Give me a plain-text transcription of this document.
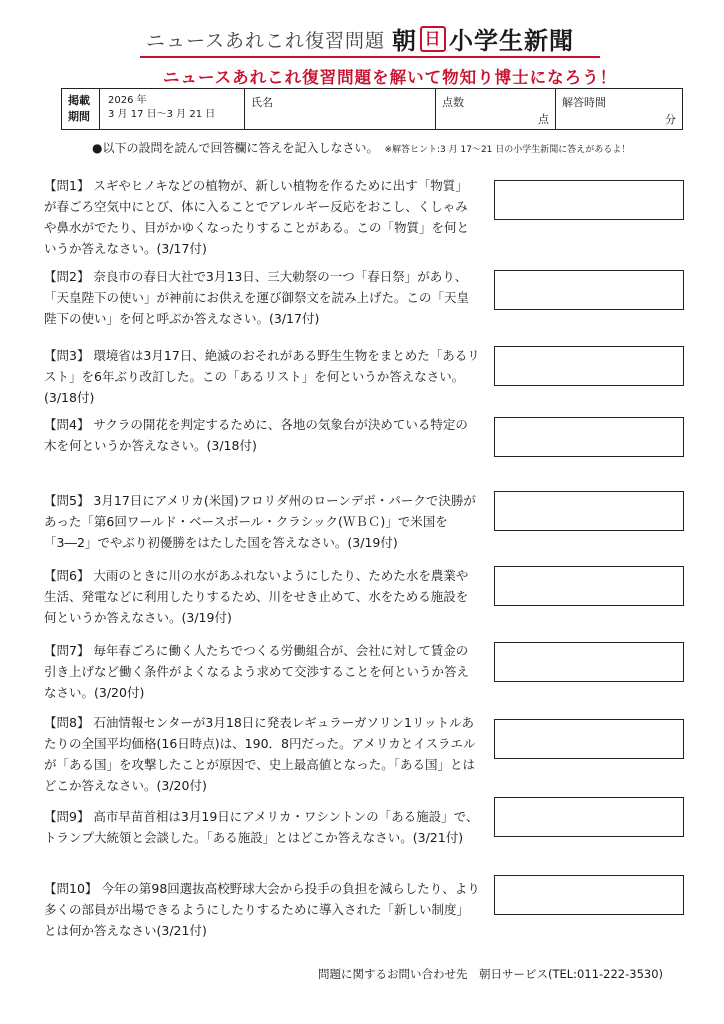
ニュースあれこれ復習問題 朝 日 小学生新聞
ニュースあれこれ復習問題を解いて物知り博士になろう！
掲載
期間
2026 年
3 月 17 日～3 月 21 日
氏名	点数
点
解答時間
分
●以下の設問を読んで回答欄に答えを記入しなさい。 ※解答ヒント:3 月 17～21 日の小学生新聞に答えがあるよ！
【問1】 スギやヒノキなどの植物が、新しい植物を作るために出す「物質」が春ごろ空気中にとび、体に入ることでアレルギー反応をおこし、くしゃみや鼻水がでたり、目がかゆくなったりすることがある。この「物質」を何というか答えなさい。(3/17付)
【問2】 奈良市の春日大社で3月13日、三大勅祭の一つ「春日祭」があり、「天皇陛下の使い」が神前にお供えを運び御祭文を読み上げた。この「天皇陛下の使い」を何と呼ぶか答えなさい。(3/17付)
【問3】 環境省は3月17日、絶滅のおそれがある野生生物をまとめた「あるリスト」を6年ぶり改訂した。この「あるリスト」を何というか答えなさい。(3/18付)
【問4】 サクラの開花を判定するために、各地の気象台が決めている特定の木を何というか答えなさい。(3/18付)
【問5】 3月17日にアメリカ(米国)フロリダ州のローンデポ・パークで決勝があった「第6回ワールド・ベースボール・クラシック(ＷＢＣ)」で米国を「3―2」でやぶり初優勝をはたした国を答えなさい。(3/19付)
【問6】 大雨のときに川の水があふれないようにしたり、ためた水を農業や生活、発電などに利用したりするため、川をせき止めて、水をためる施設を何というか答えなさい。(3/19付)
【問7】 毎年春ごろに働く人たちでつくる労働組合が、会社に対して賃金の引き上げなど働く条件がよくなるよう求めて交渉することを何というか答えなさい。(3/20付)
【問8】 石油情報センターが3月18日に発表レギュラーガソリン1リットルあたりの全国平均価格(16日時点)は、190．8円だった。アメリカとイスラエルが「ある国」を攻撃したことが原因で、史上最高値となった。「ある国」とはどこか答えなさい。(3/20付)
【問9】 高市早苗首相は3月19日にアメリカ・ワシントンの「ある施設」で、トランプ大統領と会談した。「ある施設」とはどこか答えなさい。(3/21付)
【問10】 今年の第98回選抜高校野球大会から投手の負担を減らしたり、より多くの部員が出場できるようにしたりするために導入された「新しい制度」とは何か答えなさい(3/21付)
問題に関するお問い合わせ先　朝日サービス(TEL:011-222-3530)
